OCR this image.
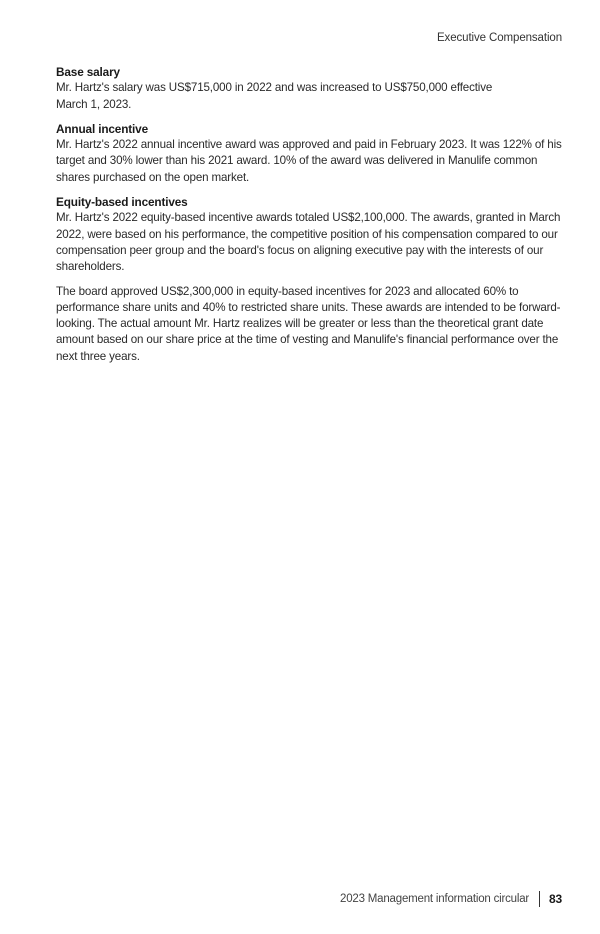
Executive Compensation
Base salary

Mr. Hartz's salary was US$715,000 in 2022 and was increased to US$750,000 effective March 1, 2023.

Annual incentive

Mr. Hartz's 2022 annual incentive award was approved and paid in February 2023. It was 122% of his target and 30% lower than his 2021 award. 10% of the award was delivered in Manulife common shares purchased on the open market.

Equity-based incentives

Mr. Hartz's 2022 equity-based incentive awards totaled US$2,100,000. The awards, granted in March 2022, were based on his performance, the competitive position of his compensation compared to our compensation peer group and the board's focus on aligning executive pay with the interests of our shareholders.

The board approved US$2,300,000 in equity-based incentives for 2023 and allocated 60% to performance share units and 40% to restricted share units. These awards are intended to be forward-looking. The actual amount Mr. Hartz realizes will be greater or less than the theoretical grant date amount based on our share price at the time of vesting and Manulife's financial performance over the next three years.

2023 Management information circular 83
